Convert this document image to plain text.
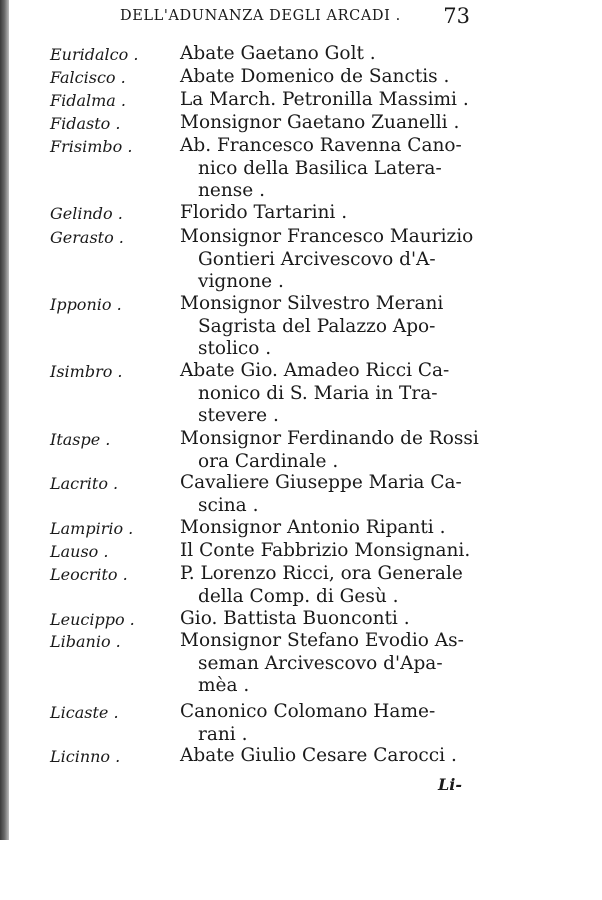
DELL'ADUNANZA DEGLI ARCADI . 73
Euridalco . Abate Gaetano Golt .
Falcisco .	Abate Domenico de Sanctis .
Fidalma .	La March. Petronilla Massimi .
Fidasto .	Monsignor Gaetano Zuanelli .
Frisimbo .	Ab. Francesco Ravenna Cano-
nico della Basilica Latera-
nense .
Gelindo .	Florido Tartarini .
Gerasto .	Monsignor Francesco Maurizio
Gontieri Arcivescovo d'A-
vignone .
Ipponio .	Monsignor Silvestro Merani
Sagrista del Palazzo Apo-
stolico .
Isimbro .	Abate Gio. Amadeo Ricci Ca-
nonico di S. Maria in Tra-
stevere .
Itaspe .	Monsignor Ferdinando de Rossi
ora Cardinale .
Lacrito .	Cavaliere Giuseppe Maria Ca-
scina .
Lampirio .	Monsignor Antonio Ripanti .
Lauso .	Il Conte Fabbrizio Monsignani.
Leocrito .	P. Lorenzo Ricci, ora Generale
della Comp. di Gesù .
Leucippo . Gio. Battista Buonconti .
Libanio .	Monsignor Stefano Evodio As-
seman Arcivescovo d'Apa-
mèa .
Licaste .	Canonico Colomano Hame-
rani .
Licinno .	Abate Giulio Cesare Carocci .
Li-
